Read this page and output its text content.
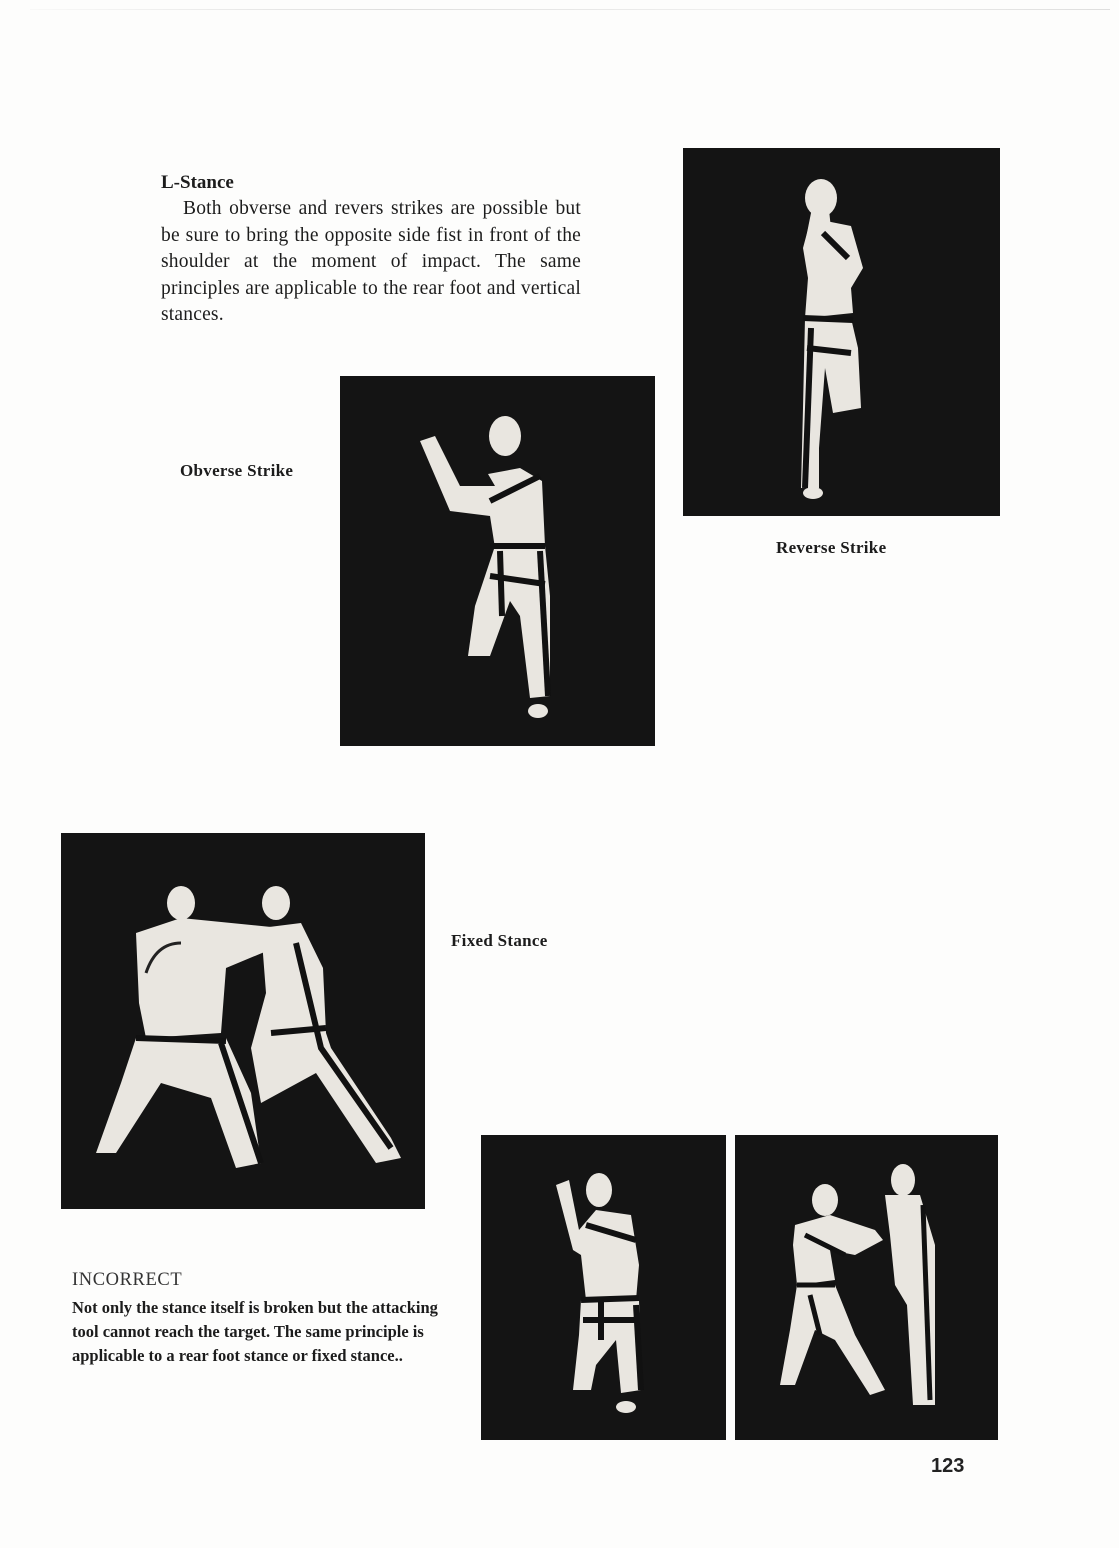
L-Stance
Both obverse and revers strikes are possible but be sure to bring the opposite side fist in front of the shoulder at the moment of impact. The same principles are applicable to the rear foot and vertical stances.
Reverse Strike
Obverse Strike
Fixed Stance
INCORRECT
Not only the stance itself is broken but the attacking tool cannot reach the target. The same principle is applicable to a rear foot stance or fixed stance..
123
